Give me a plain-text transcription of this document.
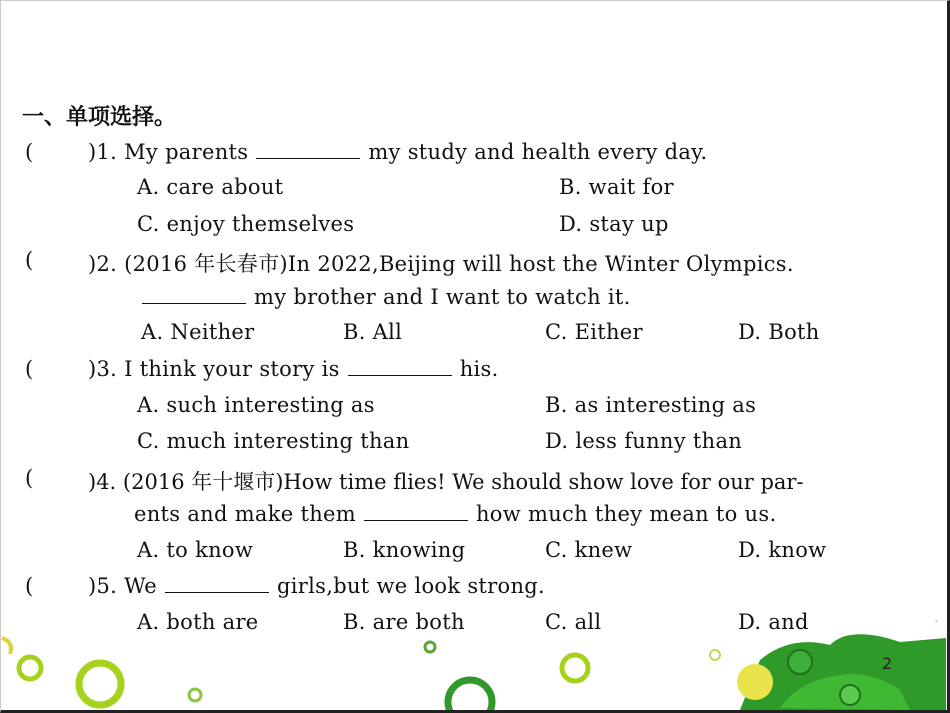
一、单项选择。
(	)1. My parents	my study and health every day.
A. care about	B. wait for
C. enjoy themselves	D. stay up
(	)2. (2016 年长春市)In 2022,Beijing will host the Winter Olympics.
my brother and I want to watch it.
A. Neither	B. All	C. Either	D. Both
(	)3. I think your story is	his.
A. such interesting as	B. as interesting as
C. much interesting than	D. less funny than
(	)4. (2016 年十堰市)How time flies! We should show love for our par-
ents and make them	how much they mean to us.
A. to know	B. knowing	C. knew	D. know
(	)5. We	girls,but we look strong.
A. both are	B. are both	C. all	D. and
2
